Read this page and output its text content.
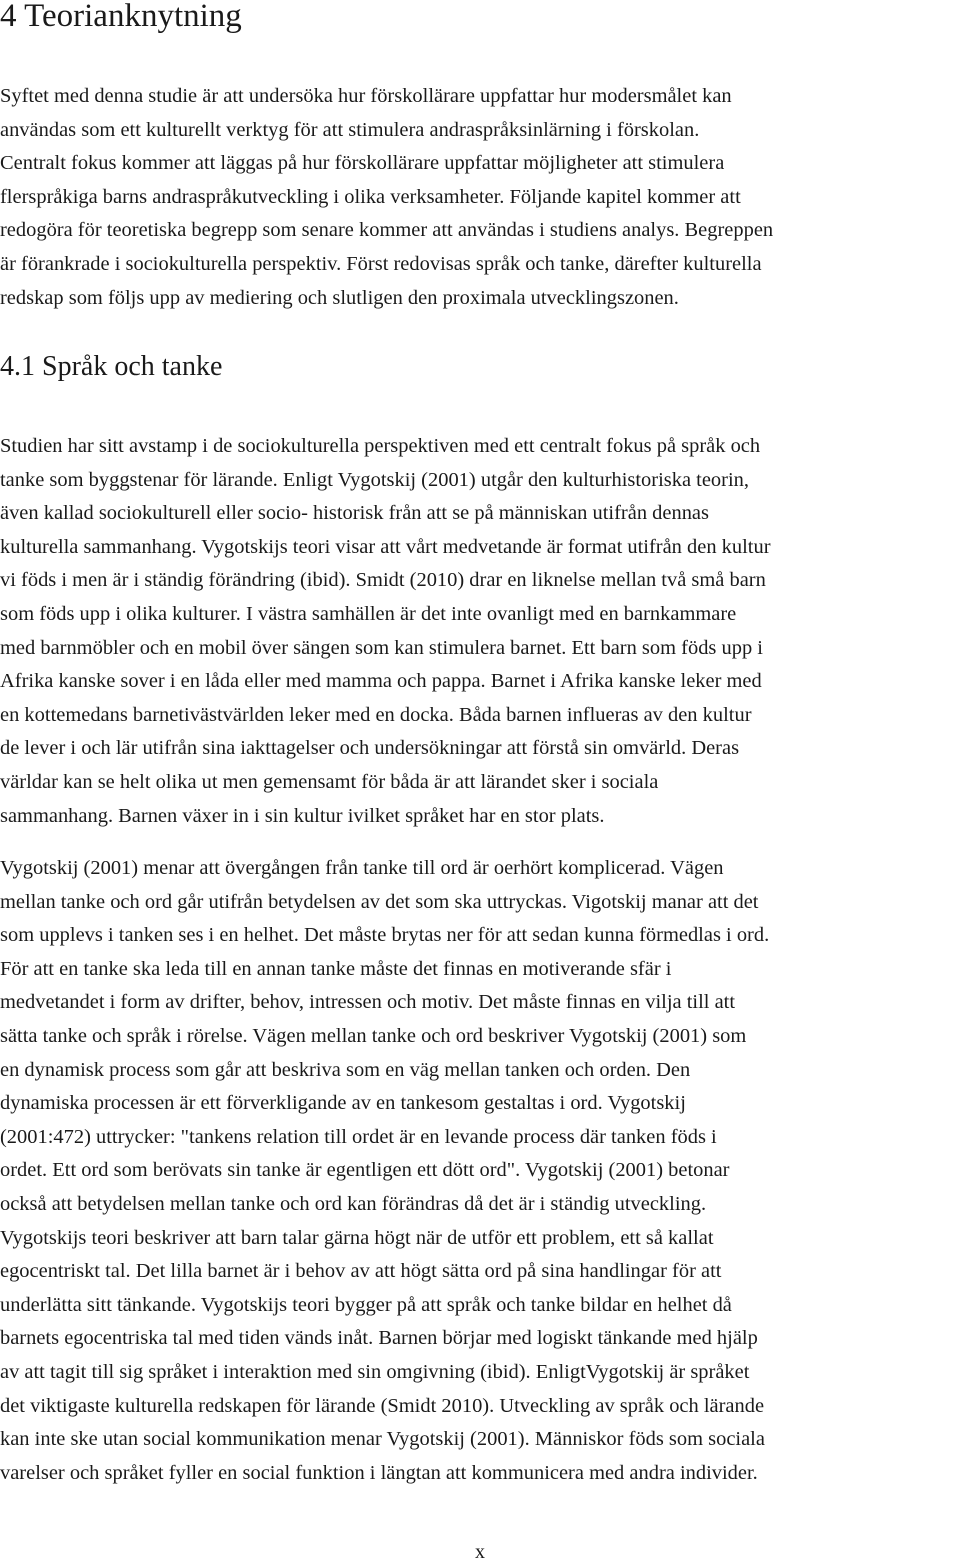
4 Teorianknytning
Syftet med denna studie är att undersöka hur förskollärare uppfattar hur modersmålet kan
användas som ett kulturellt verktyg för att stimulera andraspråksinlärning i förskolan.
Centralt fokus kommer att läggas på hur förskollärare uppfattar möjligheter att stimulera
flerspråkiga barns andraspråkutveckling i olika verksamheter. Följande kapitel kommer att
redogöra för teoretiska begrepp som senare kommer att användas i studiens analys. Begreppen
är förankrade i sociokulturella perspektiv. Först redovisas språk och tanke, därefter kulturella
redskap som följs upp av mediering och slutligen den proximala utvecklingszonen.
4.1 Språk och tanke
Studien har sitt avstamp i de sociokulturella perspektiven med ett centralt fokus på språk och
tanke som byggstenar för lärande. Enligt Vygotskij (2001) utgår den kulturhistoriska teorin,
även kallad sociokulturell eller socio- historisk från att se på människan utifrån dennas
kulturella sammanhang. Vygotskijs teori visar att vårt medvetande är format utifrån den kultur
vi föds i men är i ständig förändring (ibid). Smidt (2010) drar en liknelse mellan två små barn
som föds upp i olika kulturer. I västra samhällen är det inte ovanligt med en barnkammare
med barnmöbler och en mobil över sängen som kan stimulera barnet. Ett barn som föds upp i
Afrika kanske sover i en låda eller med mamma och pappa. Barnet i Afrika kanske leker med
en kottemedans barnetivästvärlden leker med en docka. Båda barnen influeras av den kultur
de lever i och lär utifrån sina iakttagelser och undersökningar att förstå sin omvärld. Deras
världar kan se helt olika ut men gemensamt för båda är att lärandet sker i sociala
sammanhang. Barnen växer in i sin kultur ivilket språket har en stor plats.
Vygotskij (2001) menar att övergången från tanke till ord är oerhört komplicerad. Vägen
mellan tanke och ord går utifrån betydelsen av det som ska uttryckas. Vigotskij manar att det
som upplevs i tanken ses i en helhet. Det måste brytas ner för att sedan kunna förmedlas i ord.
För att en tanke ska leda till en annan tanke måste det finnas en motiverande sfär i
medvetandet i form av drifter, behov, intressen och motiv. Det måste finnas en vilja till att
sätta tanke och språk i rörelse. Vägen mellan tanke och ord beskriver Vygotskij (2001) som
en dynamisk process som går att beskriva som en väg mellan tanken och orden. Den
dynamiska processen är ett förverkligande av en tankesom gestaltas i ord. Vygotskij
(2001:472) uttrycker: "tankens relation till ordet är en levande process där tanken föds i
ordet. Ett ord som berövats sin tanke är egentligen ett dött ord". Vygotskij (2001) betonar
också att betydelsen mellan tanke och ord kan förändras då det är i ständig utveckling.
Vygotskijs teori beskriver att barn talar gärna högt när de utför ett problem, ett så kallat
egocentriskt tal. Det lilla barnet är i behov av att högt sätta ord på sina handlingar för att
underlätta sitt tänkande. Vygotskijs teori bygger på att språk och tanke bildar en helhet då
barnets egocentriska tal med tiden vänds inåt. Barnen börjar med logiskt tänkande med hjälp
av att tagit till sig språket i interaktion med sin omgivning (ibid). EnligtVygotskij är språket
det viktigaste kulturella redskapen för lärande (Smidt 2010). Utveckling av språk och lärande
kan inte ske utan social kommunikation menar Vygotskij (2001). Människor föds som sociala
varelser och språket fyller en social funktion i längtan att kommunicera med andra individer.
x
